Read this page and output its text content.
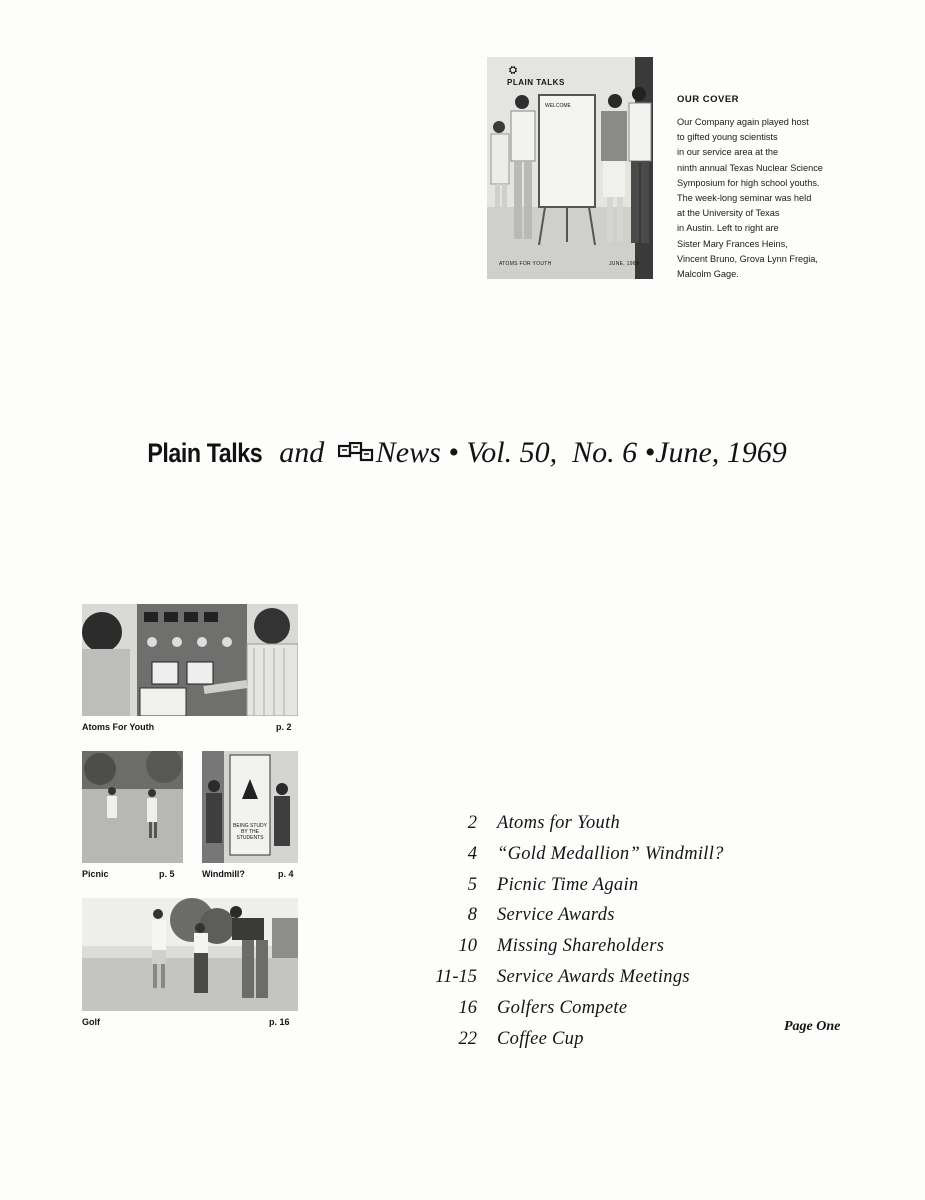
⛭
PLAIN TALKS
WELCOME
ATOMS FOR YOUTH	JUNE, 1969
OUR COVER
Our Company again played host
to gifted young scientists
in our service area at the
ninth annual Texas Nuclear Science
Symposium for high school youths.
The week-long seminar was held
at the University of Texas
in Austin. Left to right are
Sister Mary Frances Heins,
Vincent Bruno, Grova Lynn Fregia,
Malcolm Gage.
Plain Talks and News • Vol. 50, No. 6 •June, 1969
Atoms For Youth	p. 2
Picnic	p. 5
BEING STUDY BY THE STUDENTS
Windmill?	p. 4
Golf	p. 16
2 Atoms for Youth
4 “Gold Medallion” Windmill?
5 Picnic Time Again
8 Service Awards
10 Missing Shareholders
11-15 Service Awards Meetings
16 Golfers Compete
22 Coffee Cup
Page One
